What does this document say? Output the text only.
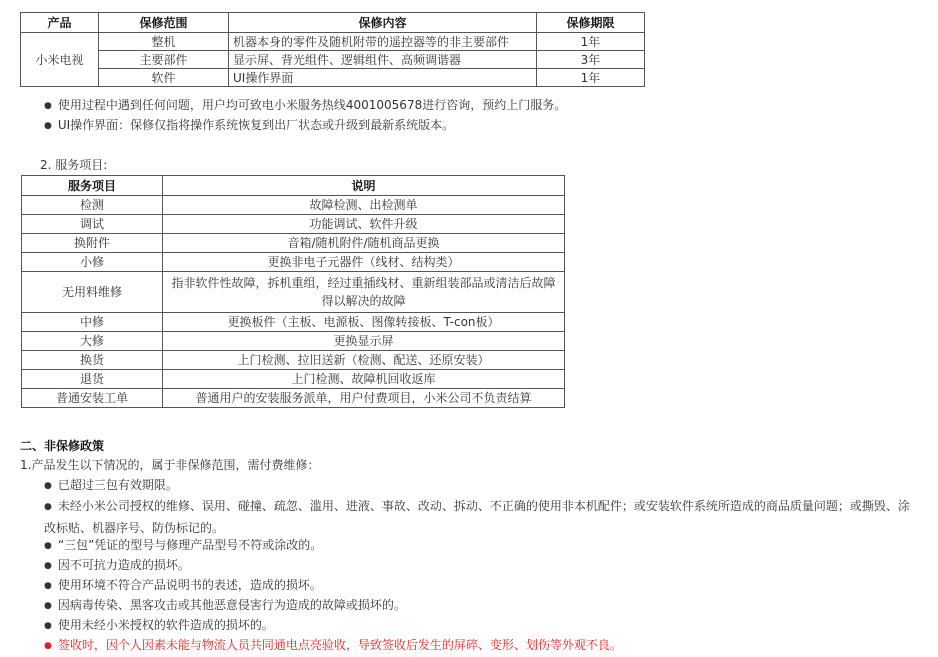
产品	保修范围	保修内容	保修期限
小米电视	整机	机器本身的零件及随机附带的遥控器等的非主要部件	1年
	主要部件	显示屏、背光组件、逻辑组件、高频调谐器	3年
	软件	UI操作界面	1年
● 使用过程中遇到任何问题，用户均可致电小米服务热线4001005678进行咨询，预约上门服务。
● UI操作界面：保修仅指将操作系统恢复到出厂状态或升级到最新系统版本。
2. 服务项目:
服务项目	说明
检测	故障检测、出检测单
调试	功能调试、软件升级
换附件	音箱/随机附件/随机商品更换
小修	更换非电子元器件（线材、结构类）
无用料维修	指非软件性故障，拆机重组，经过重插线材、重新组装部品或清洁后故障得以解决的故障
中修	更换板件（主板、电源板、图像转接板、T-con板）
大修	更换显示屏
换货	上门检测、拉旧送新（检测、配送、还原安装）
退货	上门检测、故障机回收返库
普通安装工单	普通用户的安装服务派单，用户付费项目，小米公司不负责结算
二、非保修政策
1.产品发生以下情况的，属于非保修范围，需付费维修：
● 已超过三包有效期限。
● 未经小米公司授权的维修、误用、碰撞、疏忽、滥用、进液、事故、改动、拆动、不正确的使用非本机配件；或安装软件系统所造成的商品质量问题；或撕毁、涂改标贴、机器序号、防伪标记的。
● “三包”凭证的型号与修理产品型号不符或涂改的。
● 因不可抗力造成的损坏。
● 使用环境不符合产品说明书的表述，造成的损坏。
● 因病毒传染、黑客攻击或其他恶意侵害行为造成的故障或损坏的。
● 使用未经小米授权的软件造成的损坏的。
● 签收时，因个人因素未能与物流人员共同通电点亮验收，导致签收后发生的屏碎、变形、划伤等外观不良。
